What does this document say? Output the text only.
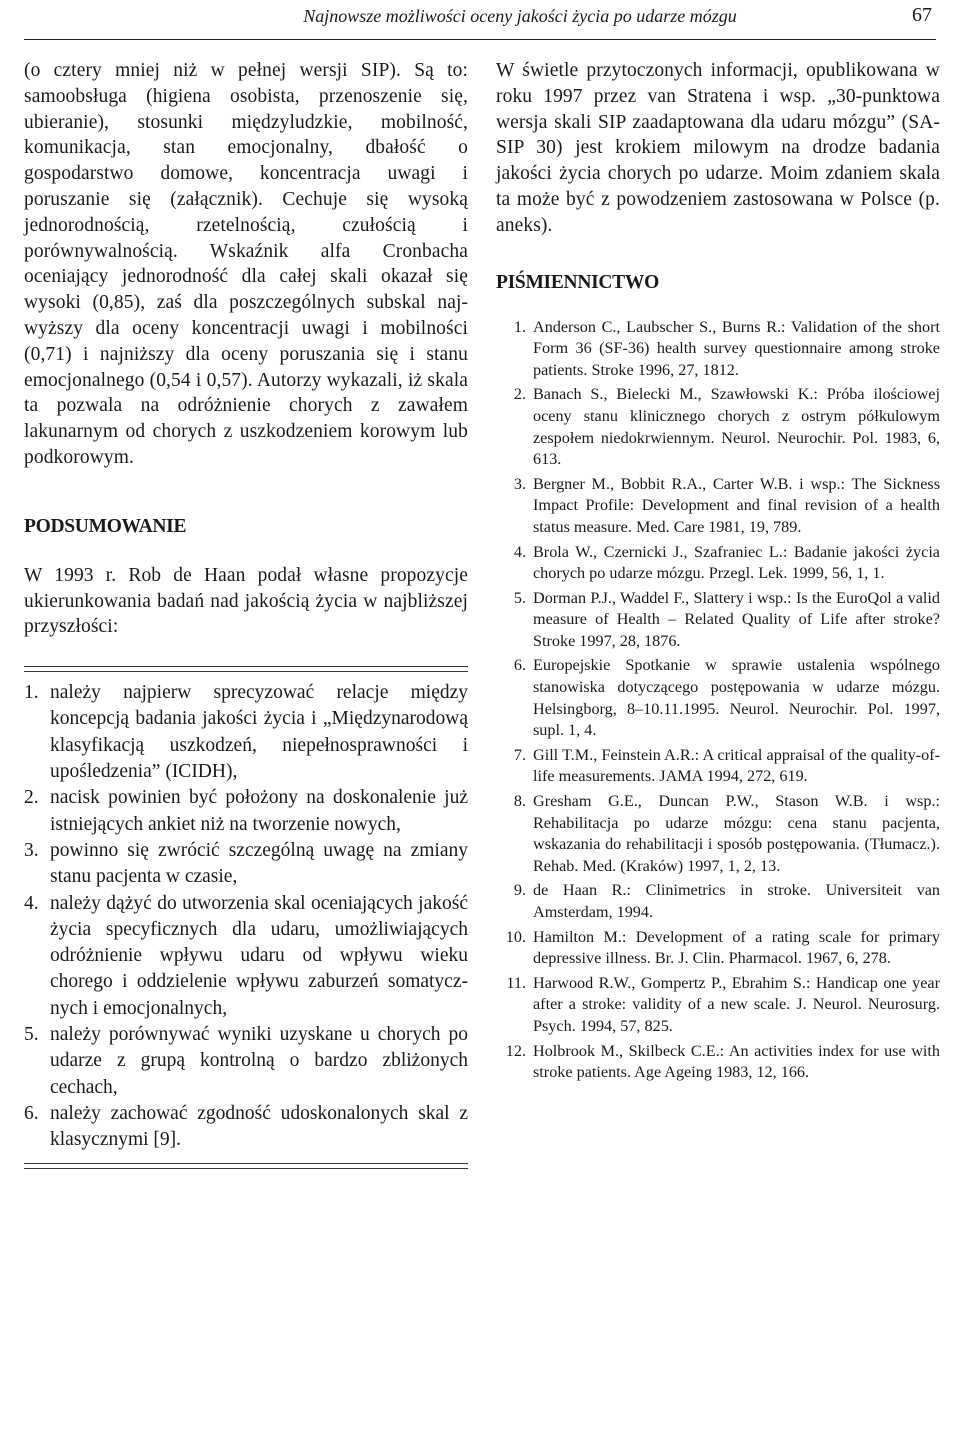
Najnowsze możliwości oceny jakości życia po udarze mózgu	67

(o cztery mniej niż w pełnej wersji SIP). Są to: samoobsługa (higiena osobista, przenoszenie się, ubieranie), stosunki międzyludzkie, mobilność, komunikacja, stan emocjonalny, dbałość o gospodarstwo domowe, koncentracja uwagi i poruszanie się (załącznik). Cechuje się wysoką jednorodnością, rzetelnością, czułością i porównywalnością. Wskaźnik alfa Cronbacha oceniający jednorodność dla całej skali okazał się wysoki (0,85), zaś dla poszczególnych subskal najwyższy dla oceny koncentracji uwagi i mobilności (0,71) i najniższy dla oceny poruszania się i stanu emocjonalnego (0,54 i 0,57). Autorzy wykazali, iż skala ta pozwala na odróżnienie chorych z zawałem lakunarnym od chorych z uszkodzeniem korowym lub podkorowym.

PODSUMOWANIE

W 1993 r. Rob de Haan podał własne propozycje ukierunkowania badań nad jakością życia w najbliższej przyszłości:

1. należy najpierw sprecyzować relacje między koncepcją badania jakości życia i „Międzynarodową klasyfikacją uszkodzeń, niepełnosprawności i upośledzenia” (ICIDH),
2. nacisk powinien być położony na doskonalenie już istniejących ankiet niż na tworzenie nowych,
3. powinno się zwrócić szczególną uwagę na zmiany stanu pacjenta w czasie,
4. należy dążyć do utworzenia skal oceniających jakość życia specyficznych dla udaru, umożliwiających odróżnienie wpływu udaru od wpływu wieku chorego i oddzielenie wpływu zaburzeń somatycznych i emocjonalnych,
5. należy porównywać wyniki uzyskane u chorych po udarze z grupą kontrolną o bardzo zbliżonych cechach,
6. należy zachować zgodność udoskonalonych skal z klasycznymi [9].

W świetle przytoczonych informacji, opublikowana w roku 1997 przez van Stratena i wsp. „30-punktowa wersja skali SIP zaadaptowana dla udaru mózgu” (SA-SIP 30) jest krokiem milowym na drodze badania jakości życia chorych po udarze. Moim zdaniem skala ta może być z powodzeniem zastosowana w Polsce (p. aneks).

PIŚMIENNICTWO
1. Anderson C., Laubscher S., Burns R.: Validation of the short Form 36 (SF-36) health survey questionnaire among stroke patients. Stroke 1996, 27, 1812.
2. Banach S., Bielecki M., Szawłowski K.: Próba ilościowej oceny stanu klinicznego chorych z ostrym półkulowym zespołem niedokrwiennym. Neurol. Neurochir. Pol. 1983, 6, 613.
3. Bergner M., Bobbit R.A., Carter W.B. i wsp.: The Sickness Impact Profile: Development and final revision of a health status measure. Med. Care 1981, 19, 789.
4. Brola W., Czernicki J., Szafraniec L.: Badanie jakości życia chorych po udarze mózgu. Przegl. Lek. 1999, 56, 1, 1.
5. Dorman P.J., Waddel F., Slattery i wsp.: Is the EuroQol a valid measure of Health – Related Quality of Life after stroke? Stroke 1997, 28, 1876.
6. Europejskie Spotkanie w sprawie ustalenia wspólnego stanowiska dotyczącego postępowania w udarze mózgu. Helsingborg, 8–10.11.1995. Neurol. Neurochir. Pol. 1997, supl. 1, 4.
7. Gill T.M., Feinstein A.R.: A critical appraisal of the quality-of-life measurements. JAMA 1994, 272, 619.
8. Gresham G.E., Duncan P.W., Stason W.B. i wsp.: Rehabilitacja po udarze mózgu: cena stanu pacjenta, wskazania do rehabilitacji i sposób postępowania. (Tłumacz.). Rehab. Med. (Kraków) 1997, 1, 2, 13.
9. de Haan R.: Clinimetrics in stroke. Universiteit van Amsterdam, 1994.
10. Hamilton M.: Development of a rating scale for primary depressive illness. Br. J. Clin. Pharmacol. 1967, 6, 278.
11. Harwood R.W., Gompertz P., Ebrahim S.: Handicap one year after a stroke: validity of a new scale. J. Neurol. Neurosurg. Psych. 1994, 57, 825.
12. Holbrook M., Skilbeck C.E.: An activities index for use with stroke patients. Age Ageing 1983, 12, 166.
